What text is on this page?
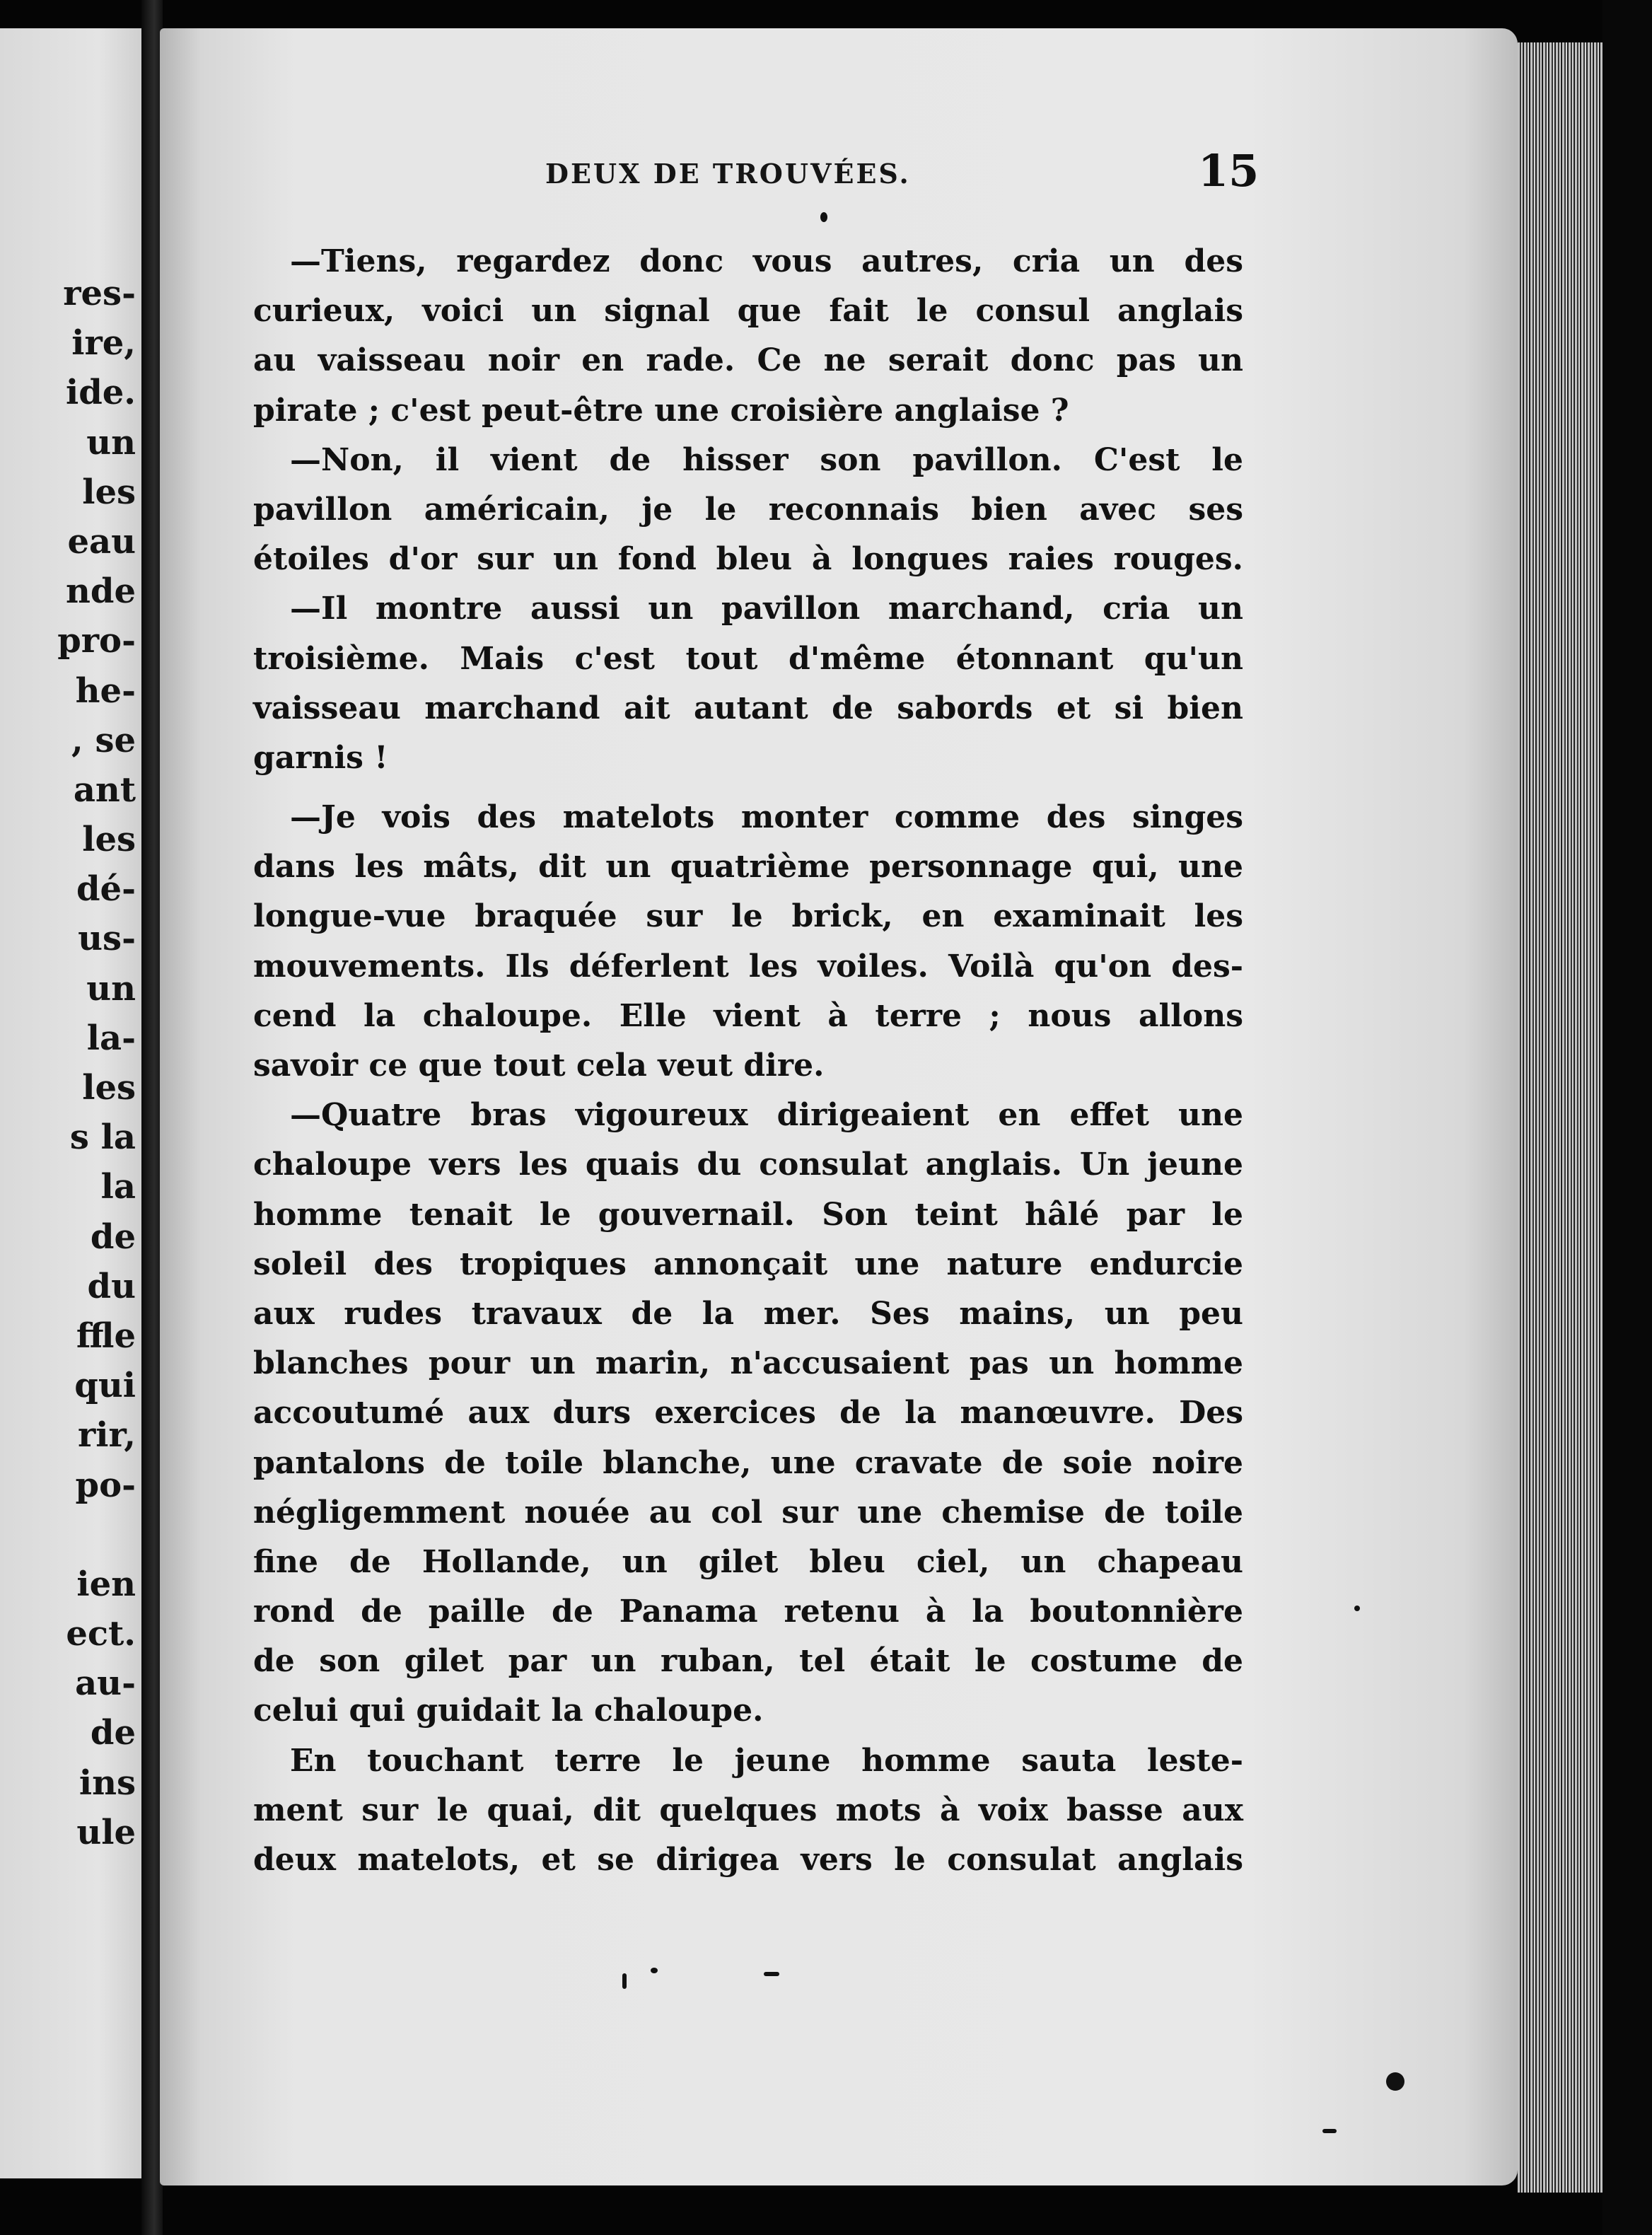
res-
ire,
ide.
un
les
eau
nde
pro-
he-
, se
ant
les
dé-
us-
un
la-
les
s la
la
de
du
ffle
qui
rir,
po-
ien
ect.
au-
de
ins
ule
DEUX DE TROUVÉES.	15
—Tiens, regardez donc vous autres, cria un des
curieux, voici un signal que fait le consul anglais
au vaisseau noir en rade. Ce ne serait donc pas un
pirate ; c'est peut-être une croisière anglaise ?
—Non, il vient de hisser son pavillon. C'est le
pavillon américain, je le reconnais bien avec ses
étoiles d'or sur un fond bleu à longues raies rouges.
—Il montre aussi un pavillon marchand, cria un
troisième. Mais c'est tout d'même étonnant qu'un
vaisseau marchand ait autant de sabords et si bien
garnis !
—Je vois des matelots monter comme des singes
dans les mâts, dit un quatrième personnage qui, une
longue-vue braquée sur le brick, en examinait les
mouvements. Ils déferlent les voiles. Voilà qu'on des-
cend la chaloupe. Elle vient à terre ; nous allons
savoir ce que tout cela veut dire.
—Quatre bras vigoureux dirigeaient en effet une
chaloupe vers les quais du consulat anglais. Un jeune
homme tenait le gouvernail. Son teint hâlé par le
soleil des tropiques annonçait une nature endurcie
aux rudes travaux de la mer. Ses mains, un peu
blanches pour un marin, n'accusaient pas un homme
accoutumé aux durs exercices de la manœuvre. Des
pantalons de toile blanche, une cravate de soie noire
négligemment nouée au col sur une chemise de toile
fine de Hollande, un gilet bleu ciel, un chapeau
rond de paille de Panama retenu à la boutonnière
de son gilet par un ruban, tel était le costume de
celui qui guidait la chaloupe.
En touchant terre le jeune homme sauta leste-
ment sur le quai, dit quelques mots à voix basse aux
deux matelots, et se dirigea vers le consulat anglais
